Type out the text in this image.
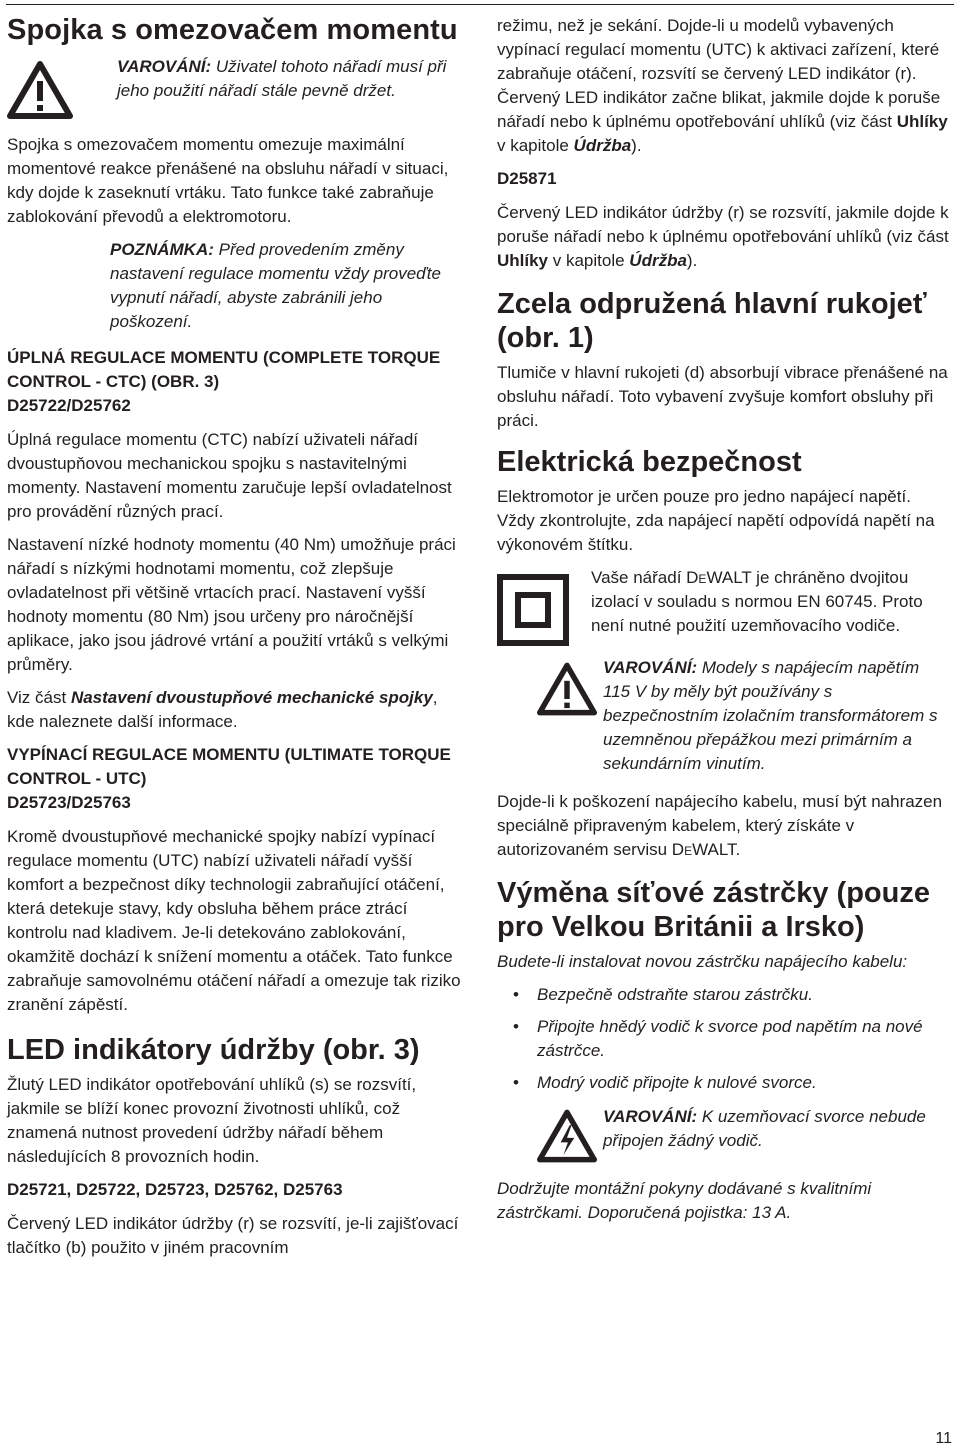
Spojka s omezovačem momentu
VAROVÁNÍ: Uživatel tohoto nářadí musí při jeho použití nářadí stále pevně držet.

Spojka s omezovačem momentu omezuje maximální momentové reakce přenášené na obsluhu nářadí v situaci, kdy dojde k zaseknutí vrtáku. Tato funkce také zabraňuje zablokování převodů a elektromotoru.

POZNÁMKA: Před provedením změny nastavení regulace momentu vždy proveďte vypnutí nářadí, abyste zabránili jeho poškození.

ÚPLNÁ REGULACE MOMENTU (COMPLETE TORQUE CONTROL - CTC) (OBR. 3)
D25722/D25762

Úplná regulace momentu (CTC) nabízí uživateli nářadí dvoustupňovou mechanickou spojku s nastavitelnými momenty. Nastavení momentu zaručuje lepší ovladatelnost pro provádění různých prací.

Nastavení nízké hodnoty momentu (40 Nm) umožňuje práci nářadí s nízkými hodnotami momentu, což zlepšuje ovladatelnost při většině vrtacích prací. Nastavení vyšší hodnoty momentu (80 Nm) jsou určeny pro náročnější aplikace, jako jsou jádrové vrtání a použití vrtáků s velkými průměry.

Viz část Nastavení dvoustupňové mechanické spojky, kde naleznete další informace.

VYPÍNACÍ REGULACE MOMENTU (ULTIMATE TORQUE CONTROL - UTC)
D25723/D25763

Kromě dvoustupňové mechanické spojky nabízí vypínací regulace momentu (UTC) nabízí uživateli nářadí vyšší komfort a bezpečnost díky technologii zabraňující otáčení, která detekuje stavy, kdy obsluha během práce ztrácí kontrolu nad kladivem. Je-li detekováno zablokování, okamžitě dochází k snížení momentu a otáček. Tato funkce zabraňuje samovolnému otáčení nářadí a omezuje tak riziko zranění zápěstí.

LED indikátory údržby (obr. 3)

Žlutý LED indikátor opotřebování uhlíků (s) se rozsvítí, jakmile se blíží konec provozní životnosti uhlíků, což znamená nutnost provedení údržby nářadí během následujících 8 provozních hodin.

D25721, D25722, D25723, D25762, D25763

Červený LED indikátor údržby (r) se rozsvítí, je-li zajišťovací tlačítko (b) použito v jiném pracovním

režimu, než je sekání. Dojde-li u modelů vybavených vypínací regulací momentu (UTC) k aktivaci zařízení, které zabraňuje otáčení, rozsvítí se červený LED indikátor (r). Červený LED indikátor začne blikat, jakmile dojde k poruše nářadí nebo k úplnému opotřebování uhlíků (viz část Uhlíky v kapitole Údržba).

D25871

Červený LED indikátor údržby (r) se rozsvítí, jakmile dojde k poruše nářadí nebo k úplnému opotřebování uhlíků (viz část Uhlíky v kapitole Údržba).

Zcela odpružená hlavní rukojeť (obr. 1)

Tlumiče v hlavní rukojeti (d) absorbují vibrace přenášené na obsluhu nářadí. Toto vybavení zvyšuje komfort obsluhy při práci.

Elektrická bezpečnost

Elektromotor je určen pouze pro jedno napájecí napětí. Vždy zkontrolujte, zda napájecí napětí odpovídá napětí na výkonovém štítku.

Vaše nářadí DeWALT je chráněno dvojitou izolací v souladu s normou EN 60745. Proto není nutné použití uzemňovacího vodiče.
VAROVÁNÍ: Modely s napájecím napětím 115 V by měly být používány s bezpečnostním izolačním transformátorem s uzemněnou přepážkou mezi primárním a sekundárním vinutím.

Dojde-li k poškození napájecího kabelu, musí být nahrazen speciálně připraveným kabelem, který získáte v autorizovaném servisu DeWALT.

Výměna síťové zástrčky (pouze pro Velkou Británii a Irsko)

Budete-li instalovat novou zástrčku napájecího kabelu:

• Bezpečně odstraňte starou zástrčku.
• Připojte hnědý vodič k svorce pod napětím na nové zástrčce.
• Modrý vodič připojte k nulové svorce.
VAROVÁNÍ: K uzemňovací svorce nebude připojen žádný vodič.

Dodržujte montážní pokyny dodávané s kvalitními zástrčkami. Doporučená pojistka: 13 A.

11
